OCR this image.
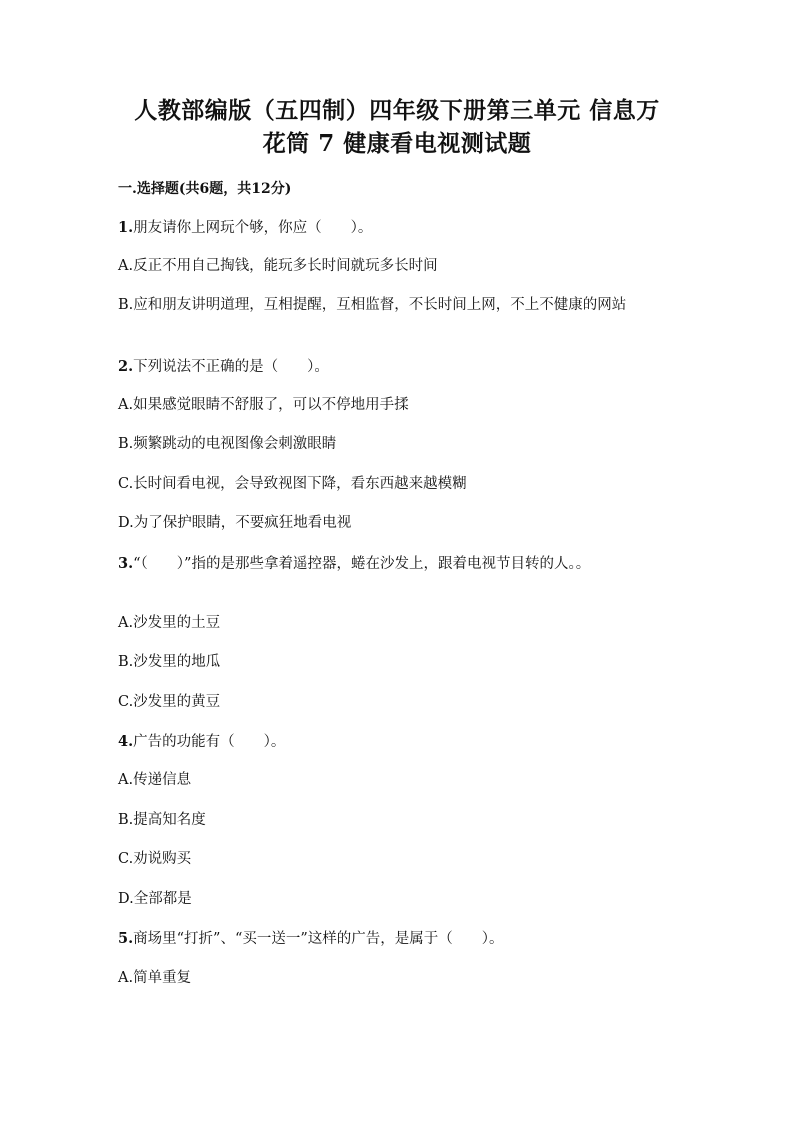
人教部编版（五四制）四年级下册第三单元 信息万
花筒 7 健康看电视测试题
一.选择题(共6题，共12分)
1.朋友请你上网玩个够，你应（　　）。
A.反正不用自己掏钱，能玩多长时间就玩多长时间
B.应和朋友讲明道理，互相提醒，互相监督，不长时间上网，不上不健康的网站
2.下列说法不正确的是（　　）。
A.如果感觉眼睛不舒服了，可以不停地用手揉
B.频繁跳动的电视图像会刺激眼睛
C.长时间看电视，会导致视图下降，看东西越来越模糊
D.为了保护眼睛，不要疯狂地看电视
3.“（　　）”指的是那些拿着遥控器，蜷在沙发上，跟着电视节目转的人。。
A.沙发里的土豆
B.沙发里的地瓜
C.沙发里的黄豆
4.广告的功能有（　　）。
A.传递信息
B.提高知名度
C.劝说购买
D.全部都是
5.商场里“打折”、“买一送一”这样的广告，是属于（　　）。
A.简单重复
